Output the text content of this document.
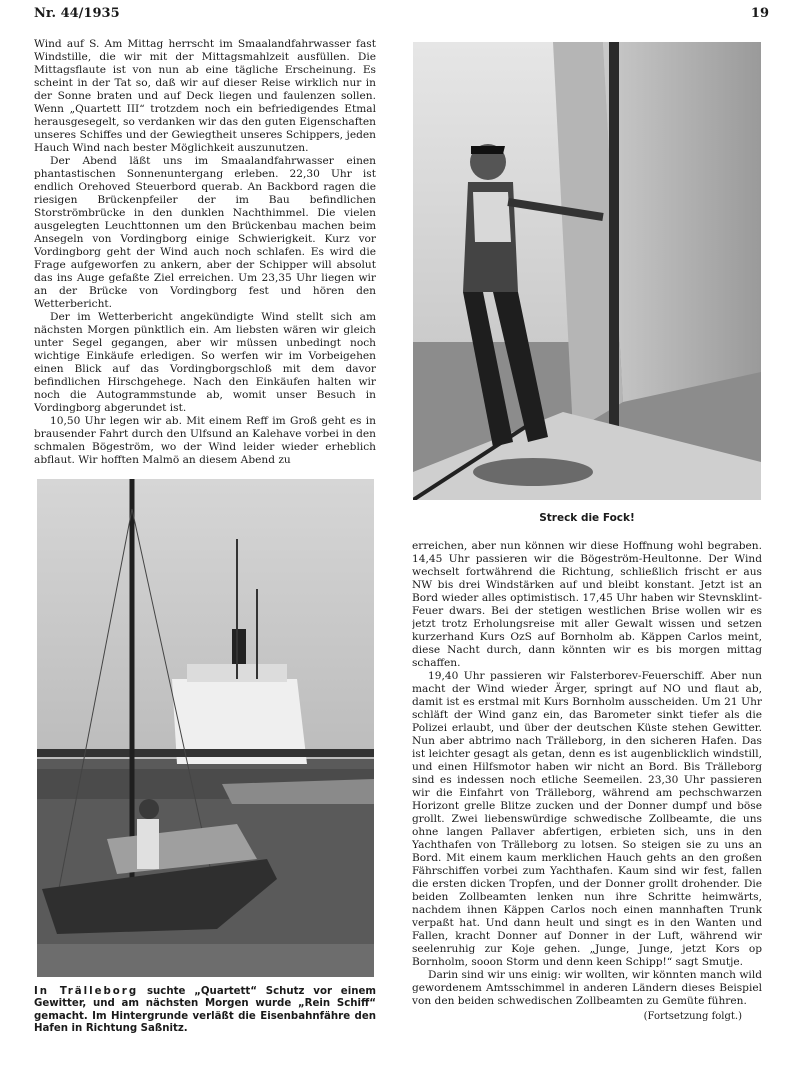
Nr. 44/1935	19

Wind auf S. Am Mittag herrscht im Smaalandfahrwasser fast Windstille, die wir mit der Mittagsmahlzeit ausfüllen. Die Mittagsflaute ist von nun ab eine tägliche Erscheinung. Es scheint in der Tat so, daß wir auf dieser Reise wirklich nur in der Sonne braten und auf Deck liegen und faulenzen sollen. Wenn „Quartett III“ trotzdem noch ein befriedigendes Etmal herausgesegelt, so verdanken wir das den guten Eigenschaften unseres Schiffes und der Gewiegtheit unseres Schippers, jeden Hauch Wind nach bester Möglichkeit auszunutzen.

Der Abend läßt uns im Smaalandfahrwasser einen phantastischen Sonnenuntergang erleben. 22,30 Uhr ist endlich Orehoved Steuerbord querab. An Backbord ragen die riesigen Brückenpfeiler der im Bau befindlichen Storströmbrücke in den dunklen Nachthimmel. Die vielen ausgelegten Leuchttonnen um den Brückenbau machen beim Ansegeln von Vordingborg einige Schwierigkeit. Kurz vor Vordingborg geht der Wind auch noch schlafen. Es wird die Frage aufgeworfen zu ankern, aber der Schipper will absolut das ins Auge gefaßte Ziel erreichen. Um 23,35 Uhr liegen wir an der Brücke von Vordingborg fest und hören den Wetterbericht.

Der im Wetterbericht angekündigte Wind stellt sich am nächsten Morgen pünktlich ein. Am liebsten wären wir gleich unter Segel gegangen, aber wir müssen unbedingt noch wichtige Einkäufe erledigen. So werfen wir im Vorbeigehen einen Blick auf das Vordingborgschloß mit dem davor befindlichen Hirschgehege. Nach den Einkäufen halten wir noch die Autogrammstunde ab, womit unser Besuch in Vordingborg abgerundet ist.

10,50 Uhr legen wir ab. Mit einem Reff im Groß geht es in brausender Fahrt durch den Ulfsund an Kalehave vorbei in den schmalen Bögeström, wo der Wind leider wieder erheblich abflaut. Wir hofften Malmö an diesem Abend zu

Streck die Fock!
In Trälleborg suchte „Quartett“ Schutz vor einem Gewitter, und am nächsten Morgen wurde „Rein Schiff“ gemacht. Im Hintergrunde verläßt die Eisenbahnfähre den Hafen in Richtung Saßnitz.

erreichen, aber nun können wir diese Hoffnung wohl begraben. 14,45 Uhr passieren wir die Bögeström-Heultonne. Der Wind wechselt fortwährend die Richtung, schließlich frischt er aus NW bis drei Windstärken auf und bleibt konstant. Jetzt ist an Bord wieder alles optimistisch. 17,45 Uhr haben wir Stevnsklint-Feuer dwars. Bei der stetigen westlichen Brise wollen wir es jetzt trotz Erholungsreise mit aller Gewalt wissen und setzen kurzerhand Kurs OzS auf Bornholm ab. Käppen Carlos meint, diese Nacht durch, dann könnten wir es bis morgen mittag schaffen.

19,40 Uhr passieren wir Falsterborev-Feuerschiff. Aber nun macht der Wind wieder Ärger, springt auf NO und flaut ab, damit ist es erstmal mit Kurs Bornholm ausscheiden. Um 21 Uhr schläft der Wind ganz ein, das Barometer sinkt tiefer als die Polizei erlaubt, und über der deutschen Küste stehen Gewitter. Nun aber abtrimo nach Trälleborg, in den sicheren Hafen. Das ist leichter gesagt als getan, denn es ist augenblicklich windstill, und einen Hilfsmotor haben wir nicht an Bord. Bis Trälleborg sind es indessen noch etliche Seemeilen. 23,30 Uhr passieren wir die Einfahrt von Trälleborg, während am pechschwarzen Horizont grelle Blitze zucken und der Donner dumpf und böse grollt. Zwei liebenswürdige schwedische Zollbeamte, die uns ohne langen Pallaver abfertigen, erbieten sich, uns in den Yachthafen von Trälleborg zu lotsen. So steigen sie zu uns an Bord. Mit einem kaum merklichen Hauch gehts an den großen Fährschiffen vorbei zum Yachthafen. Kaum sind wir fest, fallen die ersten dicken Tropfen, und der Donner grollt drohender. Die beiden Zollbeamten lenken nun ihre Schritte heimwärts, nachdem ihnen Käppen Carlos noch einen mannhaften Trunk verpaßt hat. Und dann heult und singt es in den Wanten und Fallen, kracht Donner auf Donner in der Luft, während wir seelenruhig zur Koje gehen. „Junge, Junge, jetzt Kors op Bornholm, sooon Storm und denn keen Schipp!“ sagt Smutje.

Darin sind wir uns einig: wir wollten, wir könnten manch wild gewordenem Amtsschimmel in anderen Ländern dieses Beispiel von den beiden schwedischen Zollbeamten zu Gemüte führen.

(Fortsetzung folgt.)
